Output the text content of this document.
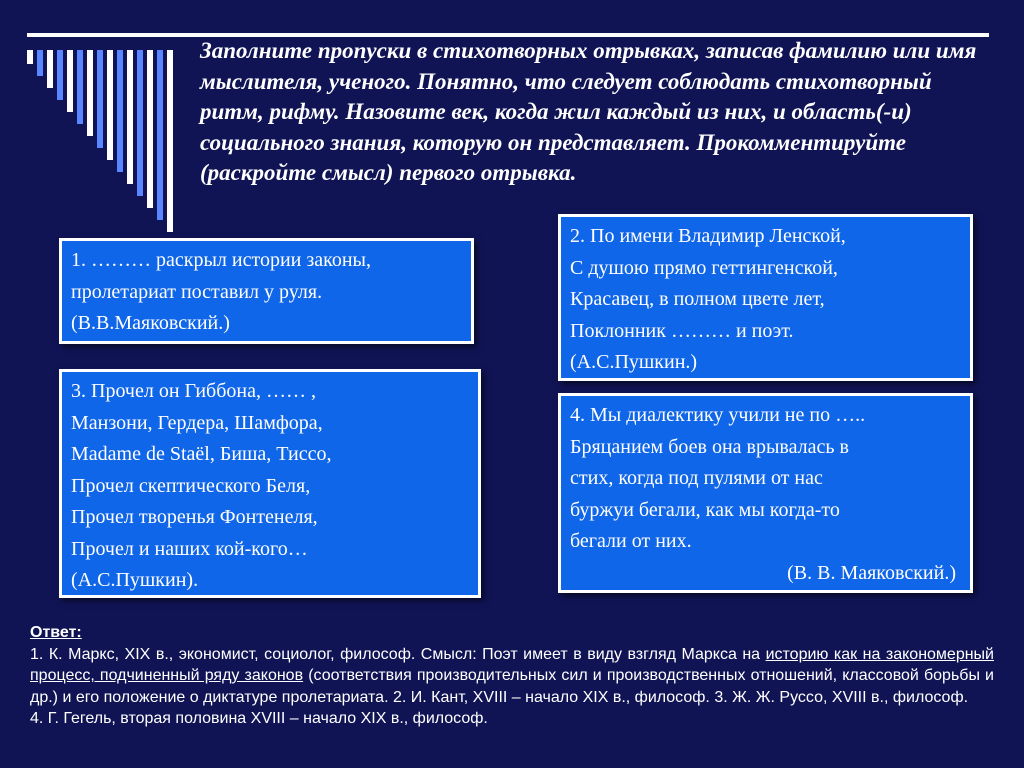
Заполните пропуски в стихотворных отрывках, записав фамилию или имя мыслителя, ученого. Понятно, что следует соблюдать стихотворный ритм, рифму. Назовите век, когда жил каждый из них, и область(-и) социального знания, которую он представляет. Прокомментируйте (раскройте смысл) первого отрывка.

1. ……… раскрыл истории законы,
пролетариат поставил у руля.
(В.В.Маяковский.)
2. По имени Владимир Ленской,
С душою прямо геттингенской,
Красавец, в полном цвете лет,
Поклонник ……… и поэт.
(А.С.Пушкин.)
3. Прочел он Гиббона, …… ,
Манзони, Гердера, Шамфора,
Madame de Staël, Биша, Тиссо,
Прочел скептического Беля,
Прочел творенья Фонтенеля,
Прочел и наших кой-кого…
(А.С.Пушкин).
4. Мы диалектику учили не по …..
Бряцанием боев она врывалась в
стих, когда под пулями от нас
буржуи бегали, как мы когда-то
бегали от них.
(В. В. Маяковский.)
Ответ:
1. К. Маркс, XIX в., экономист, социолог, философ. Смысл: Поэт имеет в виду взгляд Маркса на историю как на закономерный процесс, подчиненный ряду законов (соответствия производительных сил и производственных отношений, классовой борьбы и др.) и его положение о диктатуре пролетариата. 2. И. Кант, XVIII – начало XIX в., философ. 3. Ж. Ж. Руссо, XVIII в., философ.
4. Г. Гегель, вторая половина XVIII – начало XIX в., философ.
